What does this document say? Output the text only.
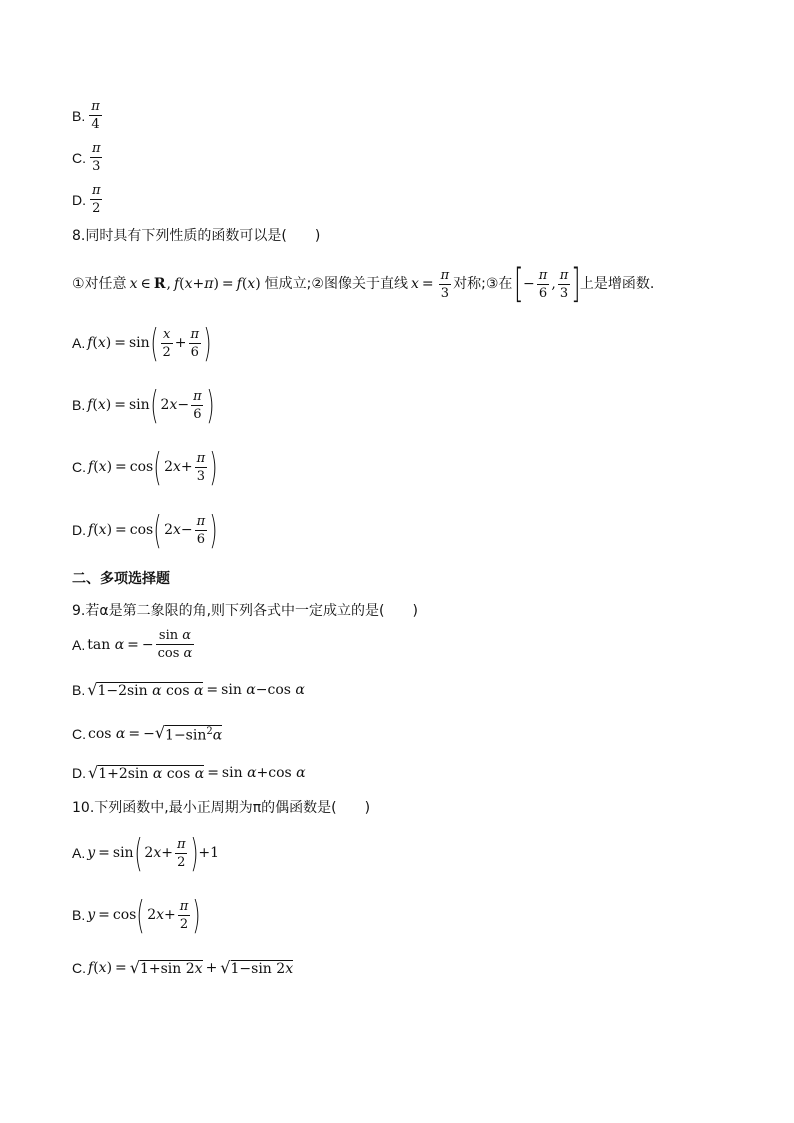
B. $\frac{\pi}{4}$
C. $\frac{\pi}{3}$
D. $\frac{\pi}{2}$
8.同时具有下列性质的函数可以是(　　)
①对任意 x ∈ R , f(x+π) = f(x) 恒成立;②图像关于直线 $x = \frac{\pi}{3}$ 对称;③在 [ − $\frac{\pi}{6}$ , $\frac{\pi}{3}$ ] 上是增函数.
A. f(x) = sin ( $\frac{x}{2} + \frac{\pi}{6}$ )
B. f(x) = sin ( $2x - \frac{\pi}{6}$ )
C. f(x) = cos ( $2x + \frac{\pi}{3}$ )
D. f(x) = cos ( $2x - \frac{\pi}{6}$ )
二、多项选择题
9.若α是第二象限的角,则下列各式中一定成立的是(　　)
A. tan α = − $\frac{\text{sin α}}{\text{cos α}}$
B. √ 1−2sin α cos α = sin α−cos α
C. cos α = − √ $1-\sin^2\alpha$
D. √ 1+2sin α cos α = sin α+cos α
10.下列函数中,最小正周期为π的偶函数是(　　)
A. y = sin ( $2x + \frac{\pi}{2}$ ) +1
B. y = cos ( $2x + \frac{\pi}{2}$ )
C. f(x) = √ 1+sin 2x + √ 1−sin 2x
